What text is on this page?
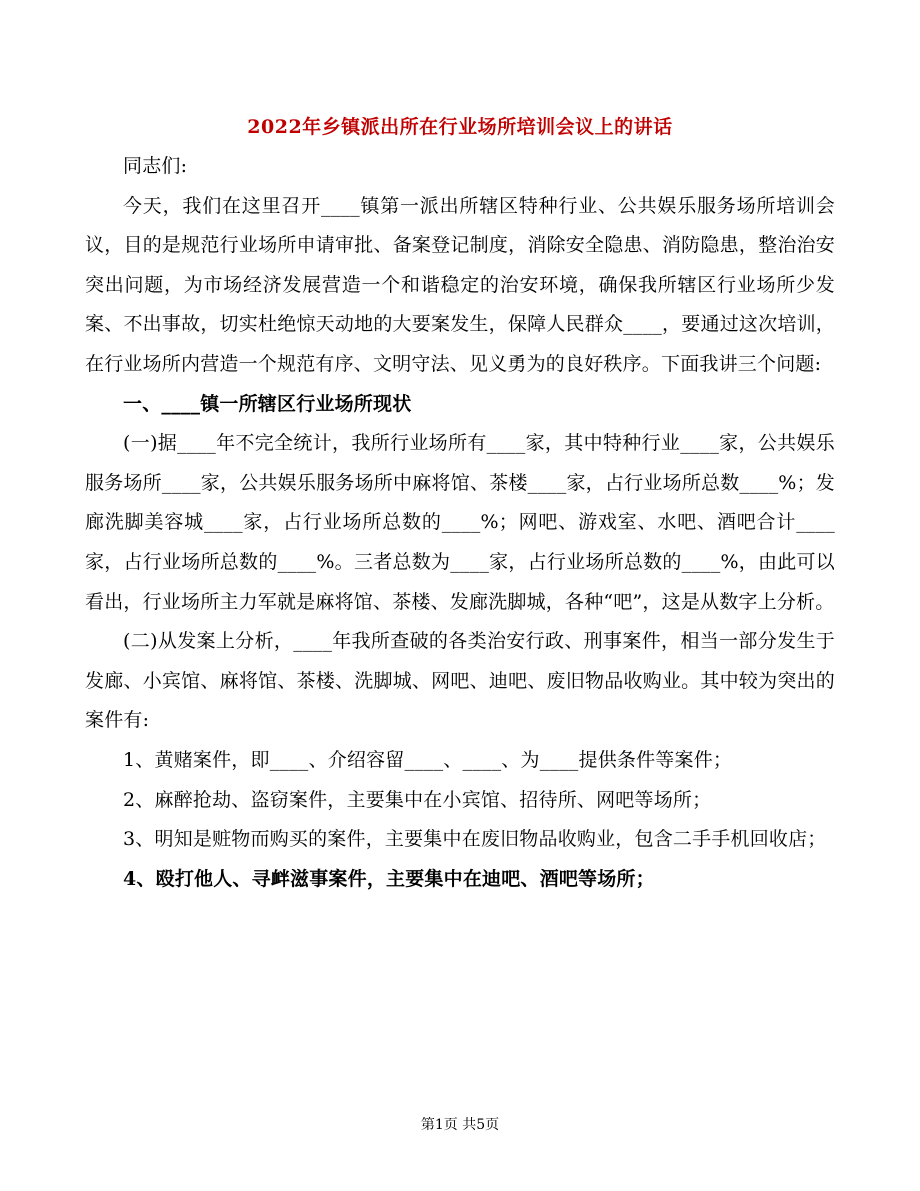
2022年乡镇派出所在行业场所培训会议上的讲话

同志们:

今天，我们在这里召开____镇第一派出所辖区特种行业、公共娱乐服务场所培训会议，目的是规范行业场所申请审批、备案登记制度，消除安全隐患、消防隐患，整治治安突出问题，为市场经济发展营造一个和谐稳定的治安环境，确保我所辖区行业场所少发案、不出事故，切实杜绝惊天动地的大要案发生，保障人民群众____，要通过这次培训，在行业场所内营造一个规范有序、文明守法、见义勇为的良好秩序。下面我讲三个问题:

一、____镇一所辖区行业场所现状

(一)据____年不完全统计，我所行业场所有____家，其中特种行业____家，公共娱乐服务场所____家，公共娱乐服务场所中麻将馆、茶楼____家，占行业场所总数____%；发廊洗脚美容城____家，占行业场所总数的____%；网吧、游戏室、水吧、酒吧合计____家，占行业场所总数的____%。三者总数为____家，占行业场所总数的____%，由此可以看出，行业场所主力军就是麻将馆、茶楼、发廊洗脚城，各种“吧”，这是从数字上分析。

(二)从发案上分析，____年我所查破的各类治安行政、刑事案件，相当一部分发生于发廊、小宾馆、麻将馆、茶楼、洗脚城、网吧、迪吧、废旧物品收购业。其中较为突出的案件有:

1、黄赌案件，即____、介绍容留____、____、为____提供条件等案件；

2、麻醉抢劫、盗窃案件，主要集中在小宾馆、招待所、网吧等场所；

3、明知是赃物而购买的案件，主要集中在废旧物品收购业，包含二手手机回收店；

4、殴打他人、寻衅滋事案件，主要集中在迪吧、酒吧等场所；

第1页 共5页
